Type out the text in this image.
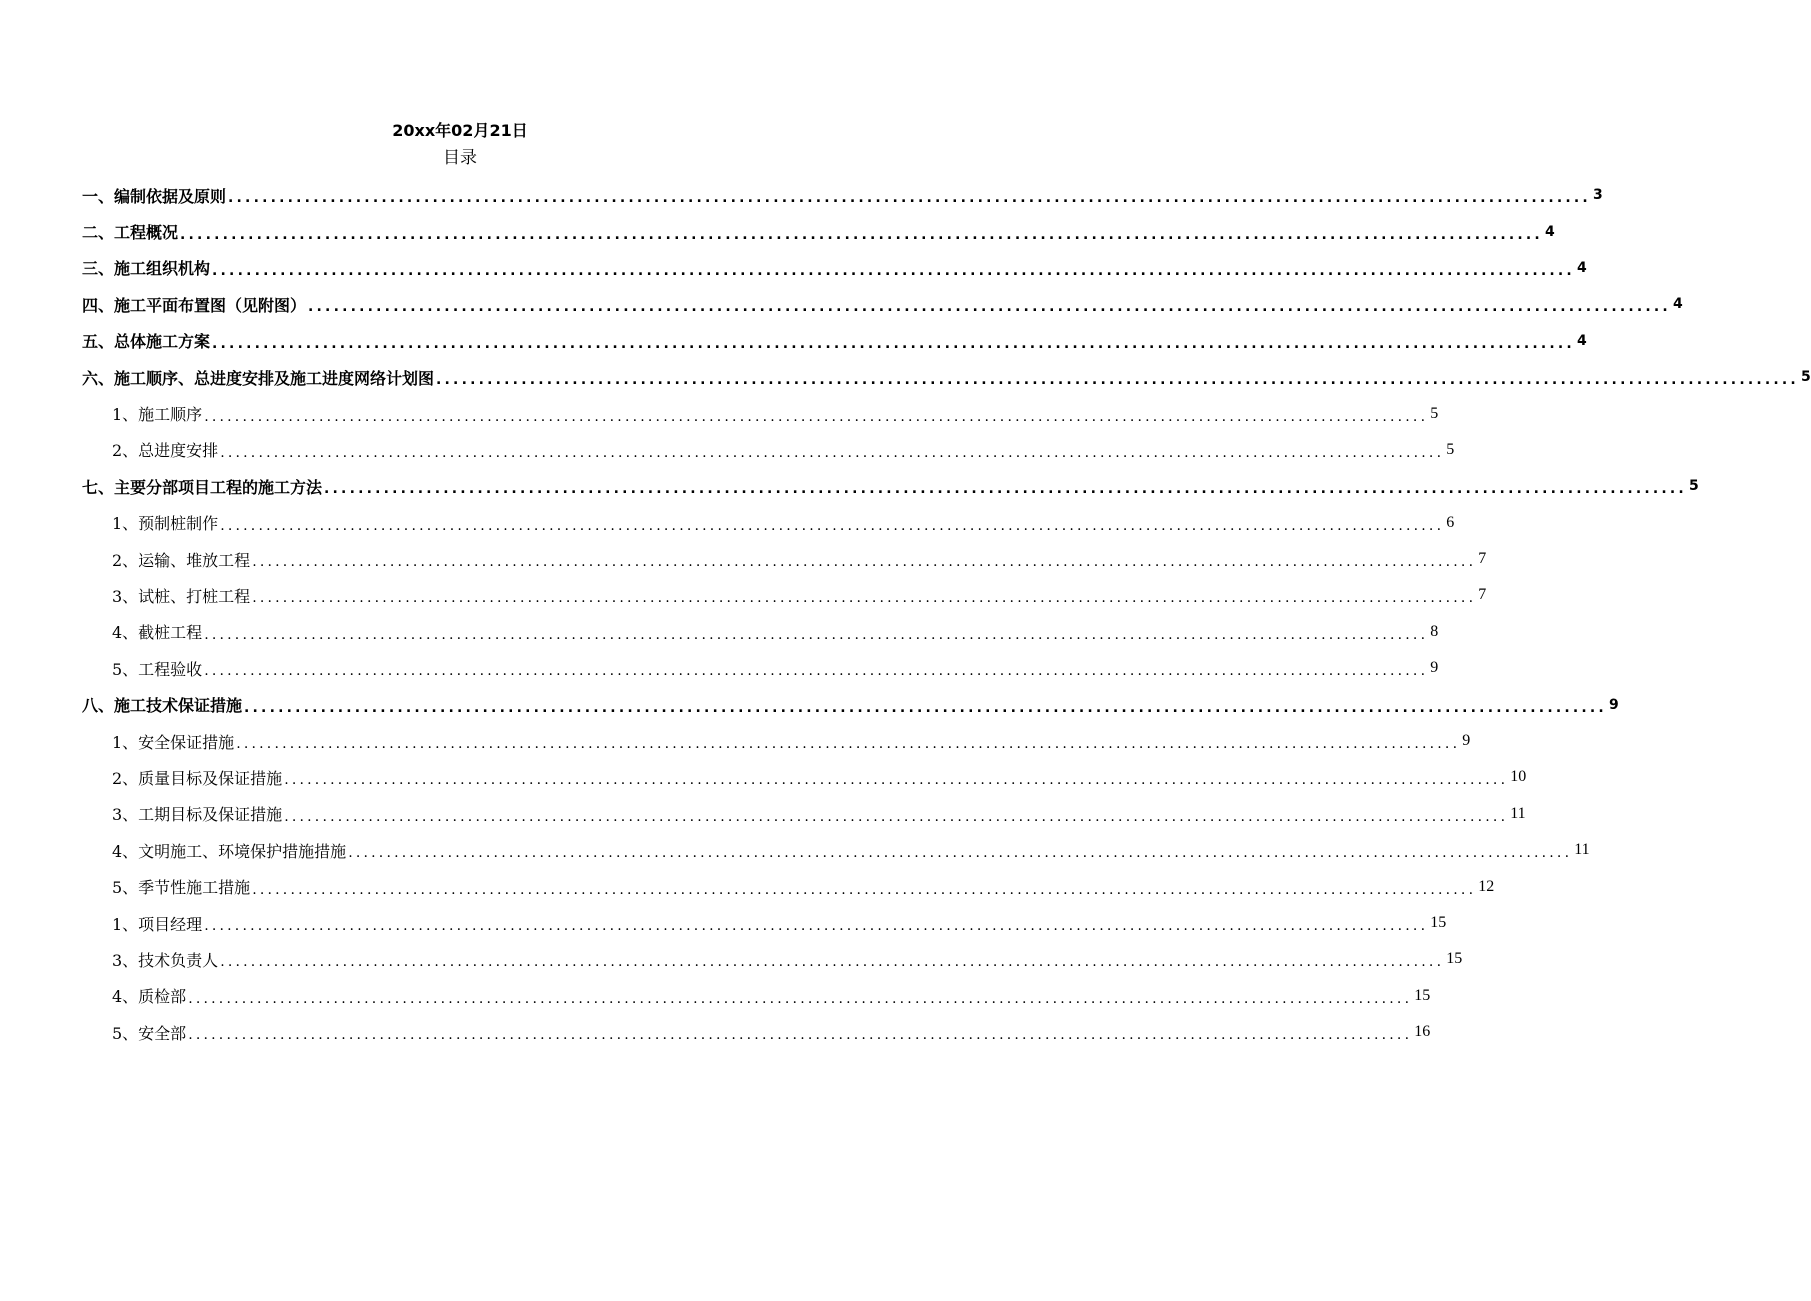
20xx年02月21日
目录
一、编制依据及原则 ................................................................................................................................................................ 3
二、工程概况 ................................................................................................................................................................ 4
三、施工组织机构 ................................................................................................................................................................ 4
四、施工平面布置图（见附图） ................................................................................................................................................................ 4
五、总体施工方案 ................................................................................................................................................................ 4
六、施工顺序、总进度安排及施工进度网络计划图 ................................................................................................................................................................ 5
1、施工顺序 ................................................................................................................................................................ 5
2、总进度安排 ................................................................................................................................................................ 5
七、主要分部项目工程的施工方法 ................................................................................................................................................................ 5
1、预制桩制作 ................................................................................................................................................................ 6
2、运输、堆放工程 ................................................................................................................................................................ 7
3、试桩、打桩工程 ................................................................................................................................................................ 7
4、截桩工程 ................................................................................................................................................................ 8
5、工程验收 ................................................................................................................................................................ 9
八、施工技术保证措施 ................................................................................................................................................................ 9
1、安全保证措施 ................................................................................................................................................................ 9
2、质量目标及保证措施 ................................................................................................................................................................ 10
3、工期目标及保证措施 ................................................................................................................................................................ 11
4、文明施工、环境保护措施措施 ................................................................................................................................................................ 11
5、季节性施工措施 ................................................................................................................................................................ 12
1、项目经理 ................................................................................................................................................................ 15
3、技术负责人 ................................................................................................................................................................ 15
4、质检部 ................................................................................................................................................................ 15
5、安全部 ................................................................................................................................................................ 16
